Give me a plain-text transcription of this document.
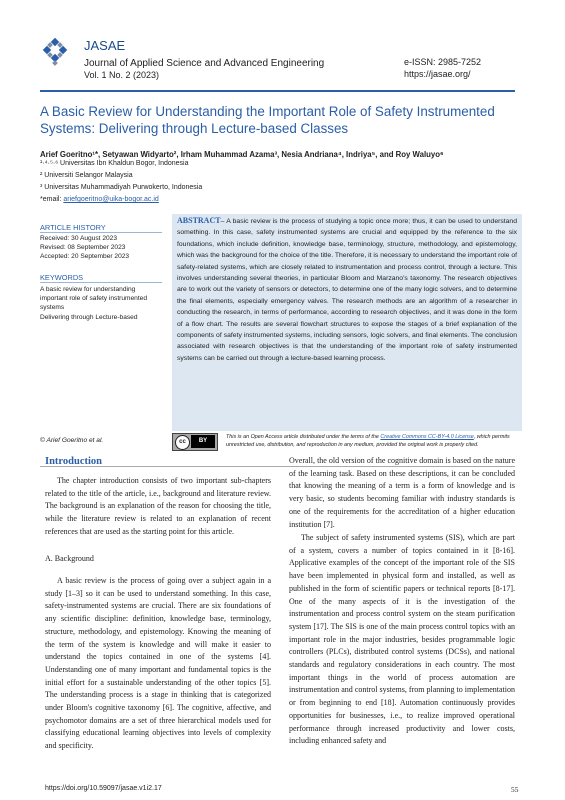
JASAE
Journal of Applied Science and Advanced Engineering
Vol. 1 No. 2 (2023)
e-ISSN: 2985-7252
https://jasae.org/
A Basic Review for Understanding the Important Role of Safety Instrumented Systems: Delivering through Lecture-based Classes
Arief Goeritno¹*, Setyawan Widyarto², Irham Muhammad Azama³, Nesia Andriana⁴, Indriya⁵, and Roy Waluyo⁶
¹·⁴·⁵·⁶ Universitas Ibn Khaldun Bogor, Indonesia
² Universiti Selangor Malaysia
³ Universitas Muhammadiyah Purwokerto, Indonesia
*email: ariefgoeritno@uika-bogor.ac.id
ARTICLE HISTORY
Received: 30 August 2023
Revised: 08 September 2023
Accepted: 20 September 2023
KEYWORDS
A basic review for understanding
important role of safety instrumented
systems
Delivering through Lecture-based
ABSTRACT– A basic review is the process of studying a topic once more; thus, it can be used to understand something. In this case, safety instrumented systems are crucial and equipped by the reference to the six foundations, which include definition, knowledge base, terminology, structure, methodology, and epistemology, which was the background for the choice of the title. Therefore, it is necessary to understand the important role of safety-related systems, which are closely related to instrumentation and process control, through a lecture. This involves understanding several theories, in particular Bloom and Marzano's taxonomy. The research objectives are to work out the variety of sensors or detectors, to determine one of the many logic solvers, and to determine the final elements, especially emergency valves. The research methods are an algorithm of a researcher in conducting the research, in terms of performance, according to research objectives, and it was done in the form of a flow chart. The results are several flowchart structures to expose the stages of a brief explanation of the components of safety instrumented systems, including sensors, logic solvers, and final elements. The conclusion associated with research objectives is that the understanding of the important role of safety instrumented systems can be carried out through a lecture-based learning process.
© Arief Goeritno et al.	cc	BY
This is an Open Access article distributed under the terms of the Creative Commons CC-BY-4.0 License, which permits unrestricted use, distribution, and reproduction in any medium, provided the original work is properly cited.
Introduction

The chapter introduction consists of two important sub-chapters related to the title of the article, i.e., background and literature review. The background is an explanation of the reason for choosing the title, while the literature review is related to an explanation of recent references that are used as the starting point for this article.

A. Background

A basic review is the process of going over a subject again in a study [1–3] so it can be used to understand something. In this case, safety-instrumented systems are crucial. There are six foundations of any scientific discipline: definition, knowledge base, terminology, structure, methodology, and epistemology. Knowing the meaning of the term of the system is knowledge and will make it easier to understand the topics contained in one of the systems [4]. Understanding one of many important and fundamental topics is the initial effort for a sustainable understanding of the other topics [5]. The understanding process is a stage in thinking that is categorized under Bloom's cognitive taxonomy [6]. The cognitive, affective, and psychomotor domains are a set of three hierarchical models used for classifying educational learning objectives into levels of complexity and specificity.

Overall, the old version of the cognitive domain is based on the nature of the learning task. Based on these descriptions, it can be concluded that knowing the meaning of a term is a form of knowledge and is very basic, so students becoming familiar with industry standards is one of the requirements for the accreditation of a higher education institution [7].

The subject of safety instrumented systems (SIS), which are part of a system, covers a number of topics contained in it [8-16]. Applicative examples of the concept of the important role of the SIS have been implemented in physical form and installed, as well as published in the form of scientific papers or technical reports [8-17]. One of the many aspects of it is the investigation of the instrumentation and process control system on the steam purification system [17]. The SIS is one of the main process control topics with an important role in the major industries, besides programmable logic controllers (PLCs), distributed control systems (DCSs), and national standards and regulatory considerations in each country. The most important things in the world of process automation are instrumentation and control systems, from planning to implementation or from beginning to end [18]. Automation continuously provides opportunities for businesses, i.e., to realize improved operational performance through increased productivity and lower costs, including enhanced safety and

https://doi.org/10.59097/jasae.v1i2.17	55
